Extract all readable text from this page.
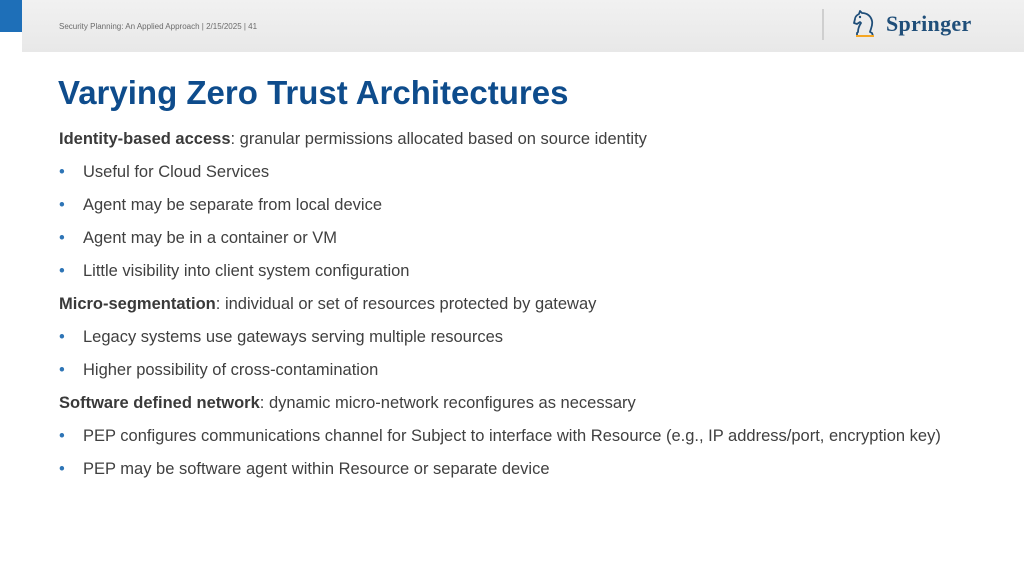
Security Planning: An Applied Approach | 2/15/2025 | 41	Springer
Varying Zero Trust Architectures
Identity-based access: granular permissions allocated based on source identity
• Useful for Cloud Services
• Agent may be separate from local device
• Agent may be in a container or VM
• Little visibility into client system configuration
Micro-segmentation: individual or set of resources protected by gateway
• Legacy systems use gateways serving multiple resources
• Higher possibility of cross-contamination
Software defined network: dynamic micro-network reconfigures as necessary
• PEP configures communications channel for Subject to interface with Resource (e.g., IP address/port, encryption key)
• PEP may be software agent within Resource or separate device
